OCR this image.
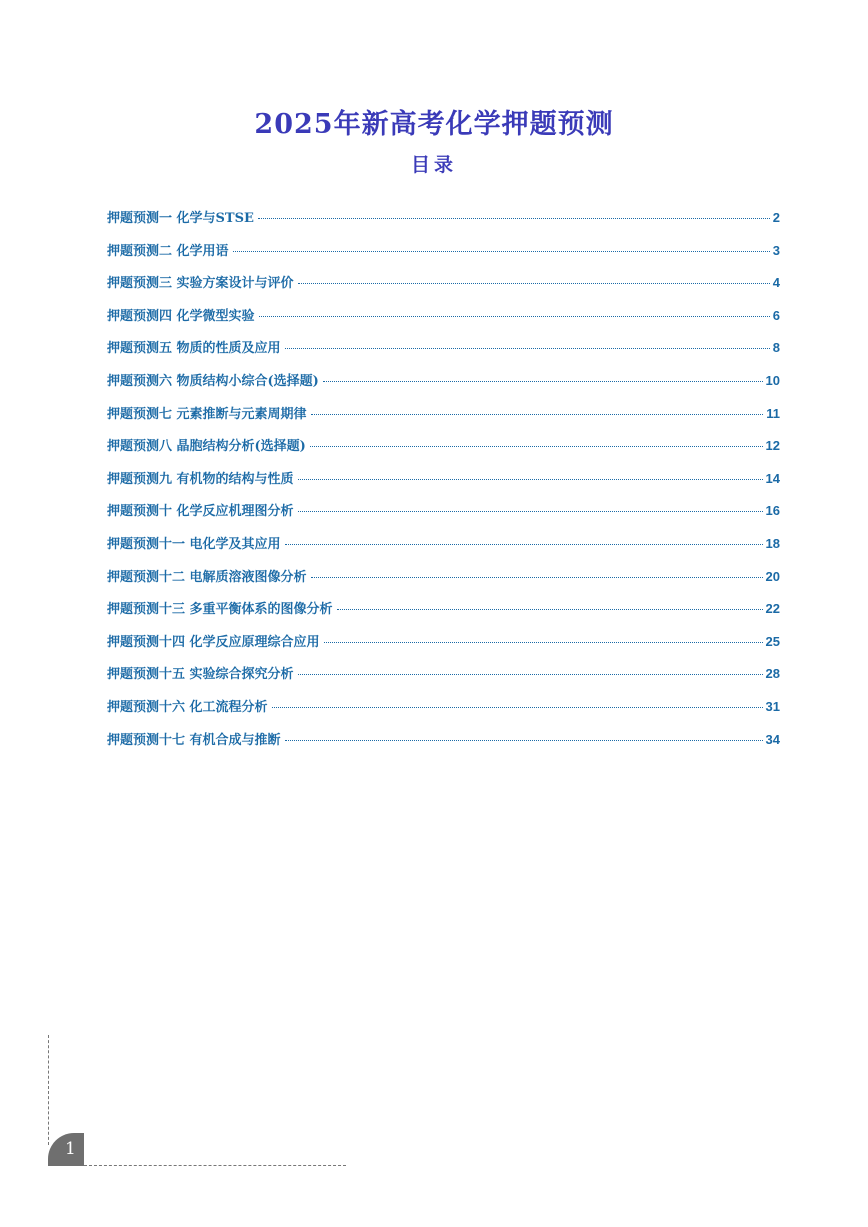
2025年新高考化学押题预测
目录
押题预测一 化学与STSE	2
押题预测二 化学用语	3
押题预测三 实验方案设计与评价	4
押题预测四 化学微型实验	6
押题预测五 物质的性质及应用	8
押题预测六 物质结构小综合(选择题)	10
押题预测七 元素推断与元素周期律	11
押题预测八 晶胞结构分析(选择题)	12
押题预测九 有机物的结构与性质	14
押题预测十 化学反应机理图分析	16
押题预测十一 电化学及其应用	18
押题预测十二 电解质溶液图像分析	20
押题预测十三 多重平衡体系的图像分析	22
押题预测十四 化学反应原理综合应用	25
押题预测十五 实验综合探究分析	28
押题预测十六 化工流程分析	31
押题预测十七 有机合成与推断	34
1
